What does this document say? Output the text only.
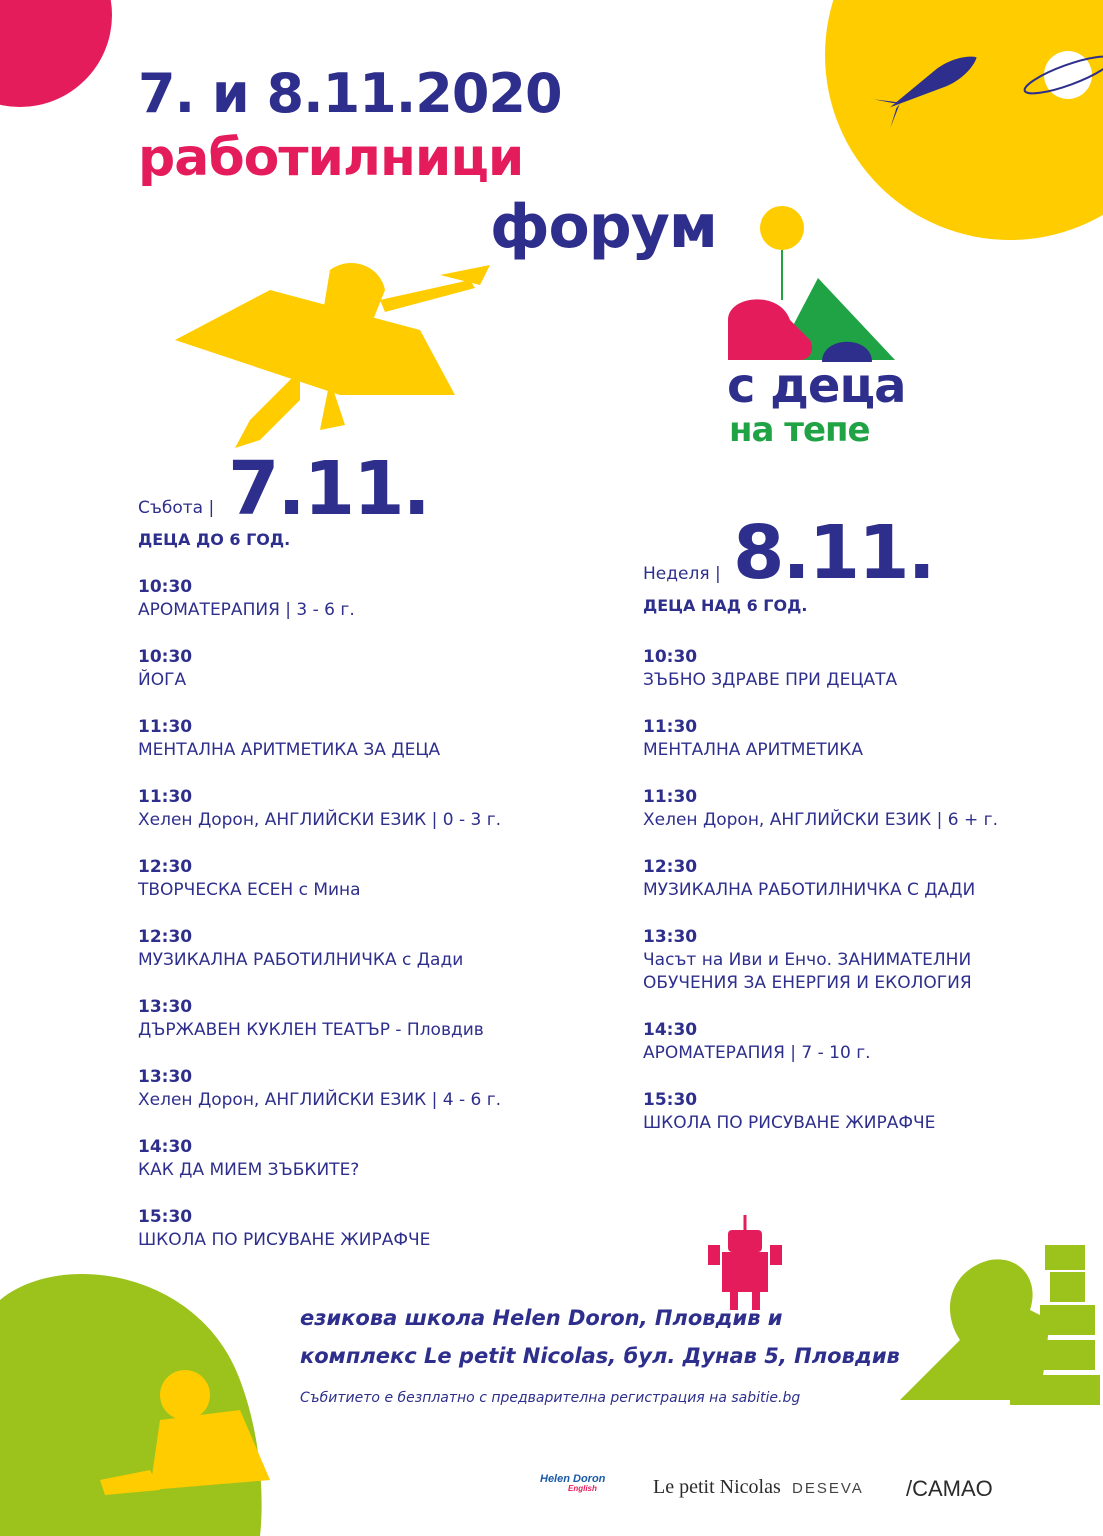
7. и 8.11.2020
работилници
форум
с деца
на тепе
Събота | 7.11.
ДЕЦА ДО 6 ГОД.
Неделя | 8.11.
ДЕЦА НАД 6 ГОД.
10:30
АРОМАТЕРАПИЯ | 3 - 6 г.
10:30
ЙОГА
11:30
МЕНТАЛНА АРИТМЕТИКА ЗА ДЕЦА
11:30
Хелен Дорон, АНГЛИЙСКИ ЕЗИК | 0 - 3 г.
12:30
ТВОРЧЕСКА ЕСЕН с Мина
12:30
МУЗИКАЛНА РАБОТИЛНИЧКА с Дади
13:30
ДЪРЖАВЕН КУКЛЕН ТЕАТЪР - Пловдив
13:30
Хелен Дорон, АНГЛИЙСКИ ЕЗИК | 4 - 6 г.
14:30
КАК ДА МИЕМ ЗЪБКИТЕ?
15:30
ШКОЛА ПО РИСУВАНЕ ЖИРАФЧЕ
10:30
ЗЪБНО ЗДРАВЕ ПРИ ДЕЦАТА
11:30
МЕНТАЛНА АРИТМЕТИКА
11:30
Хелен Дорон, АНГЛИЙСКИ ЕЗИК | 6 + г.
12:30
МУЗИКАЛНА РАБОТИЛНИЧКА С ДАДИ
13:30
Часът на Иви и Енчо. ЗАНИМАТЕЛНИ ОБУЧЕНИЯ ЗА ЕНЕРГИЯ И ЕКОЛОГИЯ
14:30
АРОМАТЕРАПИЯ | 7 - 10 г.
15:30
ШКОЛА ПО РИСУВАНЕ ЖИРАФЧЕ
езикова школа Helen Doron, Пловдив и
комплекс Le petit Nicolas, бул. Дунав 5, Пловдив
Събитието е безплатно с предварителна регистрация на sabitie.bg
Helen Doron
English	Le petit Nicolas DESEVA /CAMAO
